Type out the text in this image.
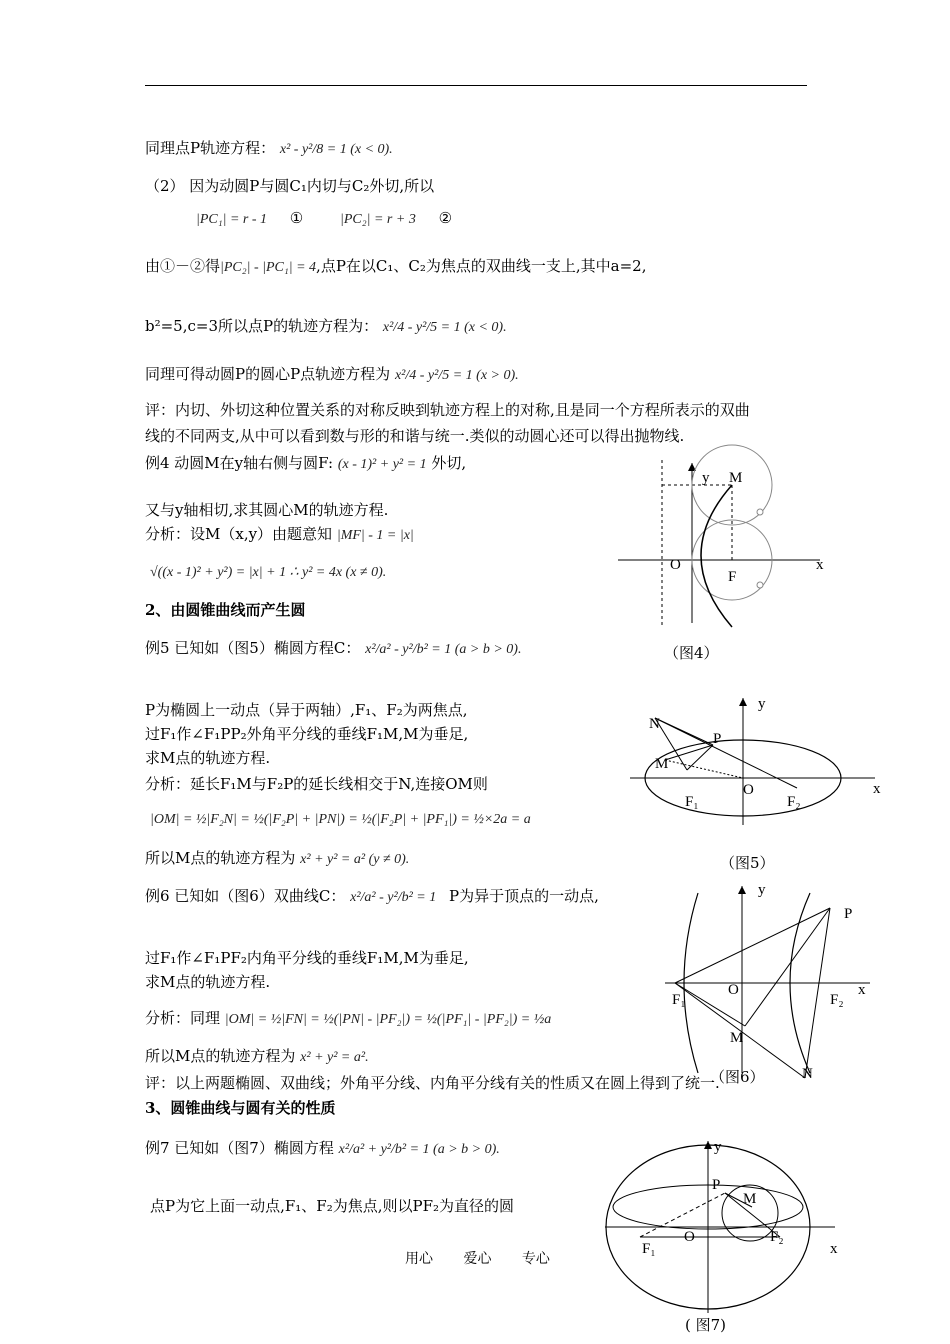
同理点P轨迹方程： x² - y²/8 = 1 (x < 0).
（2） 因为动圆P与圆C₁内切与C₂外切,所以
|PC₁| = r - 1 ①	|PC₂| = r + 3 ②
由①－②得|PC₂| - |PC₁| = 4,点P在以C₁、C₂为焦点的双曲线一支上,其中a=2,
b²=5,c=3所以点P的轨迹方程为： x²/4 - y²/5 = 1 (x < 0).
同理可得动圆P的圆心P点轨迹方程为 x²/4 - y²/5 = 1 (x > 0).
评：内切、外切这种位置关系的对称反映到轨迹方程上的对称,且是同一个方程所表示的双曲
线的不同两支,从中可以看到数与形的和谐与统一.类似的动圆心还可以得出抛物线.
例4 动圆M在y轴右侧与圆F: (x - 1)² + y² = 1 外切,
又与y轴相切,求其圆心M的轨迹方程.
分析：设M（x,y）由题意知 |MF| - 1 = |x|
√((x - 1)² + y²) = |x| + 1 ∴ y² = 4x (x ≠ 0).
2、由圆锥曲线而产生圆
例5 已知如（图5）椭圆方程C： x²/a² - y²/b² = 1 (a > b > 0).
P为椭圆上一动点（异于两轴）,F₁、F₂为两焦点,
过F₁作∠F₁PP₂外角平分线的垂线F₁M,M为垂足,
求M点的轨迹方程.
分析：延长F₁M与F₂P的延长线相交于N,连接OM则
|OM| = ½|F₂N| = ½(|F₂P| + |PN|) = ½(|F₂P| + |PF₁|) = ½×2a = a
所以M点的轨迹方程为 x² + y² = a² (y ≠ 0).
例6 已知如（图6）双曲线C： x²/a² - y²/b² = 1 P为异于顶点的一动点,
过F₁作∠F₁PF₂内角平分线的垂线F₁M,M为垂足,
求M点的轨迹方程.
分析：同理 |OM| = ½|FN| = ½(|PN| - |PF₂|) = ½(|PF₁| - |PF₂|) = ½a
所以M点的轨迹方程为 x² + y² = a².
评：以上两题椭圆、双曲线；外角平分线、内角平分线有关的性质又在圆上得到了统一.
3、圆锥曲线与圆有关的性质
例7 已知如（图7）椭圆方程 x²/a² + y²/b² = 1 (a > b > 0).
点P为它上面一动点,F₁、F₂为焦点,则以PF₂为直径的圆
y M
O
F
x
（图4）
N
P
M
y
x
F₁
O
F₂
（图5）
y
P
O	x
F₁	F₂
M
N
（图6）
y
P
M
O
F₁
F₂
x
( 图7)
用心 爱心 专心
